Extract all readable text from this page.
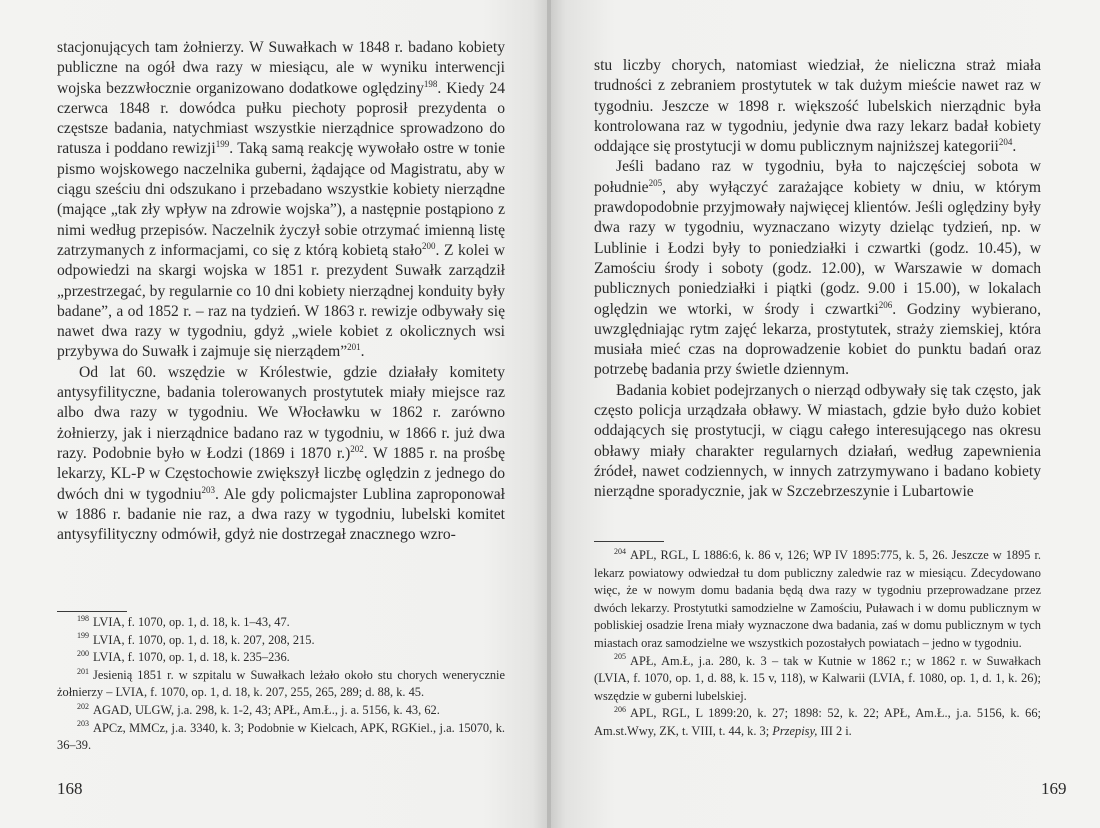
stacjonujących tam żołnierzy. W Suwałkach w 1848 r. badano kobiety publiczne na ogół dwa razy w miesiącu, ale w wyniku interwencji wojska bezzwłocznie organizowano dodatkowe oględziny$^{198}$. Kiedy 24 czerwca 1848 r. dowódca pułku piechoty poprosił prezydenta o częstsze badania, natychmiast wszystkie nierządnice sprowadzono do ratusza i poddano rewizji$^{199}$. Taką samą reakcję wywołało ostre w tonie pismo wojskowego naczelnika guberni, żądające od Magistratu, aby w ciągu sześciu dni odszukano i przebadano wszystkie kobiety nierządne (mające „tak zły wpływ na zdrowie wojska”), a następnie postąpiono z nimi według przepisów. Naczelnik życzył sobie otrzymać imienną listę zatrzymanych z informacjami, co się z którą kobietą stało$^{200}$. Z kolei w odpowiedzi na skargi wojska w 1851 r. prezydent Suwałk zarządził „przestrzegać, by regularnie co 10 dni kobiety nierządnej konduity były badane”, a od 1852 r. – raz na tydzień. W 1863 r. rewizje odbywały się nawet dwa razy w tygodniu, gdyż „wiele kobiet z okolicznych wsi przybywa do Suwałk i zajmuje się nierządem”$^{201}$.

Od lat 60. wszędzie w Królestwie, gdzie działały komitety antysyfilityczne, badania tolerowanych prostytutek miały miejsce raz albo dwa razy w tygodniu. We Włocławku w 1862 r. zarówno żołnierzy, jak i nierządnice badano raz w tygodniu, w 1866 r. już dwa razy. Podobnie było w Łodzi (1869 i 1870 r.)$^{202}$. W 1885 r. na prośbę lekarzy, KL-P w Częstochowie zwiększył liczbę oględzin z jednego do dwóch dni w tygodniu$^{203}$. Ale gdy policmajster Lublina zaproponował w 1886 r. badanie nie raz, a dwa razy w tygodniu, lubelski komitet antysyfilityczny odmówił, gdyż nie dostrzegał znacznego wzro-

$^{198}$ LVIA, f. 1070, op. 1, d. 18, k. 1–43, 47.

$^{199}$ LVIA, f. 1070, op. 1, d. 18, k. 207, 208, 215.

$^{200}$ LVIA, f. 1070, op. 1, d. 18, k. 235–236.

$^{201}$ Jesienią 1851 r. w szpitalu w Suwałkach leżało około stu chorych wenerycznie żołnierzy – LVIA, f. 1070, op. 1, d. 18, k. 207, 255, 265, 289; d. 88, k. 45.

$^{202}$ AGAD, ULGW, j.a. 298, k. 1-2, 43; APŁ, Am.Ł., j. a. 5156, k. 43, 62.

$^{203}$ APCz, MMCz, j.a. 3340, k. 3; Podobnie w Kielcach, APK, RGKiel., j.a. 15070, k. 36–39.

168

stu liczby chorych, natomiast wiedział, że nieliczna straż miała trudności z zebraniem prostytutek w tak dużym mieście nawet raz w tygodniu. Jeszcze w 1898 r. większość lubelskich nierządnic była kontrolowana raz w tygodniu, jedynie dwa razy lekarz badał kobiety oddające się prostytucji w domu publicznym najniższej kategorii$^{204}$.

Jeśli badano raz w tygodniu, była to najczęściej sobota w południe$^{205}$, aby wyłączyć zarażające kobiety w dniu, w którym prawdopodobnie przyjmowały najwięcej klientów. Jeśli oględziny były dwa razy w tygodniu, wyznaczano wizyty dzieląc tydzień, np. w Lublinie i Łodzi były to poniedziałki i czwartki (godz. 10.45), w Zamościu środy i soboty (godz. 12.00), w Warszawie w domach publicznych poniedziałki i piątki (godz. 9.00 i 15.00), w lokalach oględzin we wtorki, w środy i czwartki$^{206}$. Godziny wybierano, uwzględniając rytm zajęć lekarza, prostytutek, straży ziemskiej, która musiała mieć czas na doprowadzenie kobiet do punktu badań oraz potrzebę badania przy świetle dziennym.

Badania kobiet podejrzanych o nierząd odbywały się tak często, jak często policja urządzała obławy. W miastach, gdzie było dużo kobiet oddających się prostytucji, w ciągu całego interesującego nas okresu obławy miały charakter regularnych działań, według zapewnienia źródeł, nawet codziennych, w innych zatrzymywano i badano kobiety nierządne sporadycznie, jak w Szczebrzeszynie i Lubartowie

$^{204}$ APL, RGL, L 1886:6, k. 86 v, 126; WP IV 1895:775, k. 5, 26. Jeszcze w 1895 r. lekarz powiatowy odwiedzał tu dom publiczny zaledwie raz w miesiącu. Zdecydowano więc, że w nowym domu badania będą dwa razy w tygodniu przeprowadzane przez dwóch lekarzy. Prostytutki samodzielne w Zamościu, Puławach i w domu publicznym w pobliskiej osadzie Irena miały wyznaczone dwa badania, zaś w domu publicznym w tych miastach oraz samodzielne we wszystkich pozostałych powiatach – jedno w tygodniu.

$^{205}$ APŁ, Am.Ł, j.a. 280, k. 3 – tak w Kutnie w 1862 r.; w 1862 r. w Suwałkach (LVIA, f. 1070, op. 1, d. 88, k. 15 v, 118), w Kalwarii (LVIA, f. 1080, op. 1, d. 1, k. 26); wszędzie w guberni lubelskiej.

$^{206}$ APL, RGL, L 1899:20, k. 27; 1898: 52, k. 22; APŁ, Am.Ł., j.a. 5156, k. 66; Am.st.Wwy, ZK, t. VIII, t. 44, k. 3; Przepisy, III 2 i.

169
